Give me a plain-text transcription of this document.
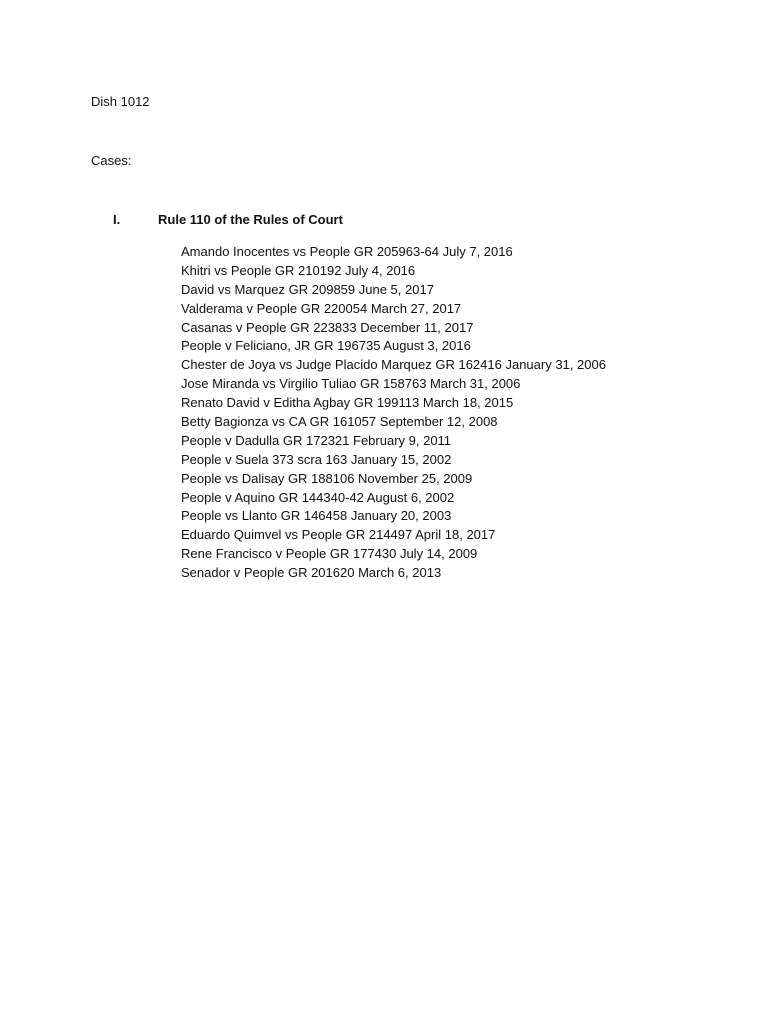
Dish 1012
Cases:
I.	Rule 110 of the Rules of Court
Amando Inocentes vs People GR 205963-64 July 7, 2016
Khitri vs People GR 210192 July 4, 2016
David vs Marquez GR 209859 June 5, 2017
Valderama v People GR 220054 March 27, 2017
Casanas v People GR 223833 December 11, 2017
People v Feliciano, JR GR 196735 August 3, 2016
Chester de Joya vs Judge Placido Marquez GR 162416 January 31, 2006
Jose Miranda vs Virgilio Tuliao GR 158763 March 31, 2006
Renato David v Editha Agbay GR 199113 March 18, 2015
Betty Bagionza vs CA GR 161057 September 12, 2008
People v Dadulla GR 172321 February 9, 2011
People v Suela 373 scra 163 January 15, 2002
People vs Dalisay GR 188106 November 25, 2009
People v Aquino GR 144340-42 August 6, 2002
People vs Llanto GR 146458 January 20, 2003
Eduardo Quimvel vs People GR 214497 April 18, 2017
Rene Francisco v People GR 177430 July 14, 2009
Senador v People GR 201620 March 6, 2013
